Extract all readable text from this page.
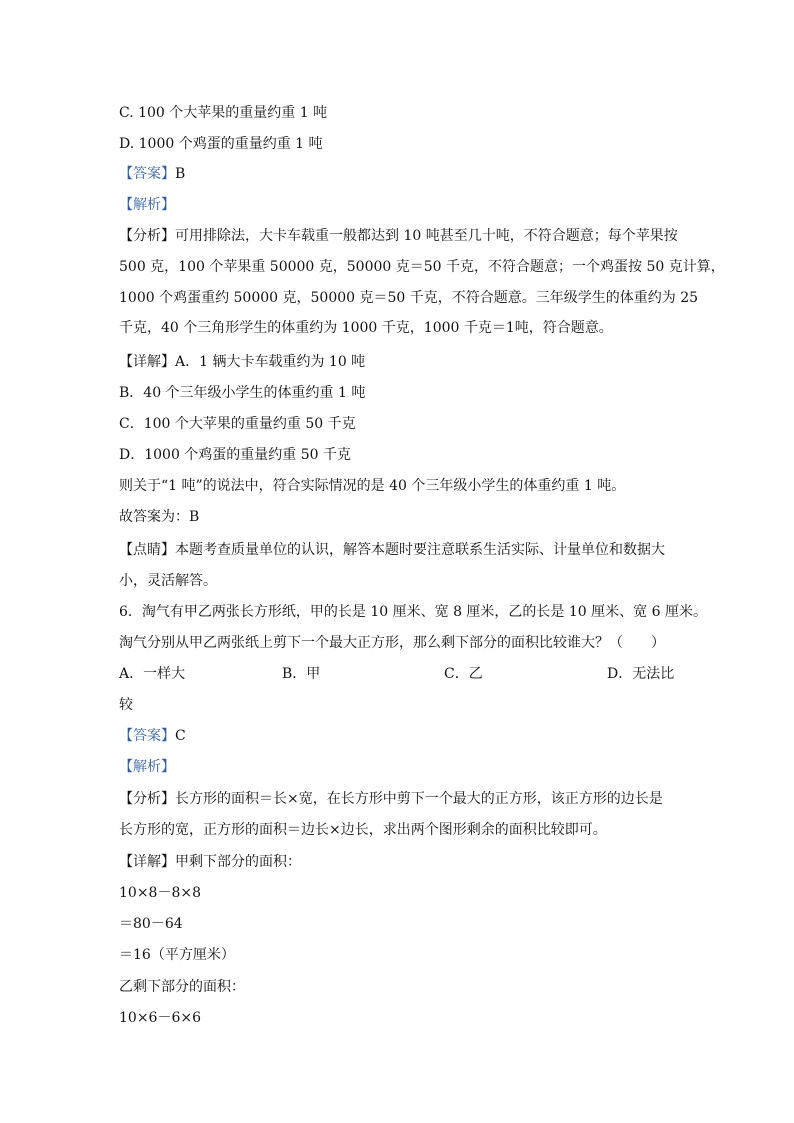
C. 100 个大苹果的重量约重 1 吨
D. 1000 个鸡蛋的重量约重 1 吨
【答案】B
【解析】
【分析】可用排除法，大卡车载重一般都达到 10 吨甚至几十吨，不符合题意；每个苹果按
500 克，100 个苹果重 50000 克，50000 克＝50 千克，不符合题意；一个鸡蛋按 50 克计算，
1000 个鸡蛋重约 50000 克，50000 克＝50 千克，不符合题意。三年级学生的体重约为 25
千克，40 个三角形学生的体重约为 1000 千克，1000 千克＝1吨，符合题意。
【详解】A．1 辆大卡车载重约为 10 吨
B．40 个三年级小学生的体重约重 1 吨
C．100 个大苹果的重量约重 50 千克
D．1000 个鸡蛋的重量约重 50 千克
则关于“1 吨”的说法中，符合实际情况的是 40 个三年级小学生的体重约重 1 吨。
故答案为：B
【点睛】本题考查质量单位的认识，解答本题时要注意联系生活实际、计量单位和数据大
小，灵活解答。
6．淘气有甲乙两张长方形纸，甲的长是 10 厘米、宽 8 厘米，乙的长是 10 厘米、宽 6 厘米。
淘气分别从甲乙两张纸上剪下一个最大正方形，那么剩下部分的面积比较谁大？（　　）
A．一样大	B．甲	C．乙	D．无法比
较
【答案】C
【解析】
【分析】长方形的面积＝长×宽，在长方形中剪下一个最大的正方形，该正方形的边长是
长方形的宽，正方形的面积＝边长×边长，求出两个图形剩余的面积比较即可。
【详解】甲剩下部分的面积：
10×8－8×8
＝80－64
＝16（平方厘米）
乙剩下部分的面积：
10×6－6×6
